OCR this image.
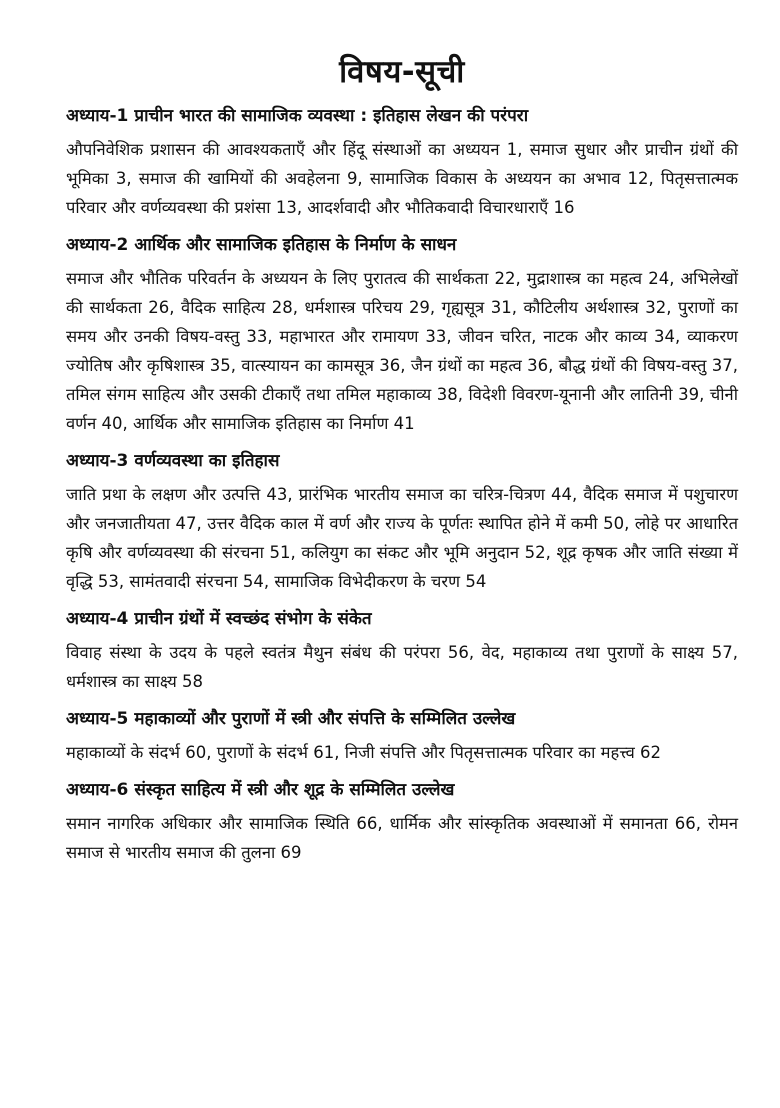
विषय-सूची
अध्याय-1 प्राचीन भारत की सामाजिक व्यवस्था : इतिहास लेखन की परंपरा

औपनिवेशिक प्रशासन की आवश्यकताएँ और हिंदू संस्थाओं का अध्ययन 1, समाज सुधार और प्राचीन ग्रंथों की भूमिका 3, समाज की खामियों की अवहेलना 9, सामाजिक विकास के अध्ययन का अभाव 12, पितृसत्तात्मक परिवार और वर्णव्यवस्था की प्रशंसा 13, आदर्शवादी और भौतिकवादी विचारधाराएँ 16

अध्याय-2 आर्थिक और सामाजिक इतिहास के निर्माण के साधन

समाज और भौतिक परिवर्तन के अध्ययन के लिए पुरातत्व की सार्थकता 22, मुद्राशास्त्र का महत्व 24, अभिलेखों की सार्थकता 26, वैदिक साहित्य 28, धर्मशास्त्र परिचय 29, गृह्यसूत्र 31, कौटिलीय अर्थशास्त्र 32, पुराणों का समय और उनकी विषय-वस्तु 33, महाभारत और रामायण 33, जीवन चरित, नाटक और काव्य 34, व्याकरण ज्योतिष और कृषिशास्त्र 35, वात्स्यायन का कामसूत्र 36, जैन ग्रंथों का महत्व 36, बौद्ध ग्रंथों की विषय-वस्तु 37, तमिल संगम साहित्य और उसकी टीकाएँ तथा तमिल महाकाव्य 38, विदेशी विवरण-यूनानी और लातिनी 39, चीनी वर्णन 40, आर्थिक और सामाजिक इतिहास का निर्माण 41

अध्याय-3 वर्णव्यवस्था का इतिहास

जाति प्रथा के लक्षण और उत्पत्ति 43, प्रारंभिक भारतीय समाज का चरित्र-चित्रण 44, वैदिक समाज में पशुचारण और जनजातीयता 47, उत्तर वैदिक काल में वर्ण और राज्य के पूर्णतः स्थापित होने में कमी 50, लोहे पर आधारित कृषि और वर्णव्यवस्था की संरचना 51, कलियुग का संकट और भूमि अनुदान 52, शूद्र कृषक और जाति संख्या में वृद्धि 53, सामंतवादी संरचना 54, सामाजिक विभेदीकरण के चरण 54

अध्याय-4 प्राचीन ग्रंथों में स्वच्छंद संभोग के संकेत

विवाह संस्था के उदय के पहले स्वतंत्र मैथुन संबंध की परंपरा 56, वेद, महाकाव्य तथा पुराणों के साक्ष्य 57, धर्मशास्त्र का साक्ष्य 58

अध्याय-5 महाकाव्यों और पुराणों में स्त्री और संपत्ति के सम्मिलित उल्लेख

महाकाव्यों के संदर्भ 60, पुराणों के संदर्भ 61, निजी संपत्ति और पितृसत्तात्मक परिवार का महत्त्व 62

अध्याय-6 संस्कृत साहित्य में स्त्री और शूद्र के सम्मिलित उल्लेख

समान नागरिक अधिकार और सामाजिक स्थिति 66, धार्मिक और सांस्कृतिक अवस्थाओं में समानता 66, रोमन समाज से भारतीय समाज की तुलना 69
